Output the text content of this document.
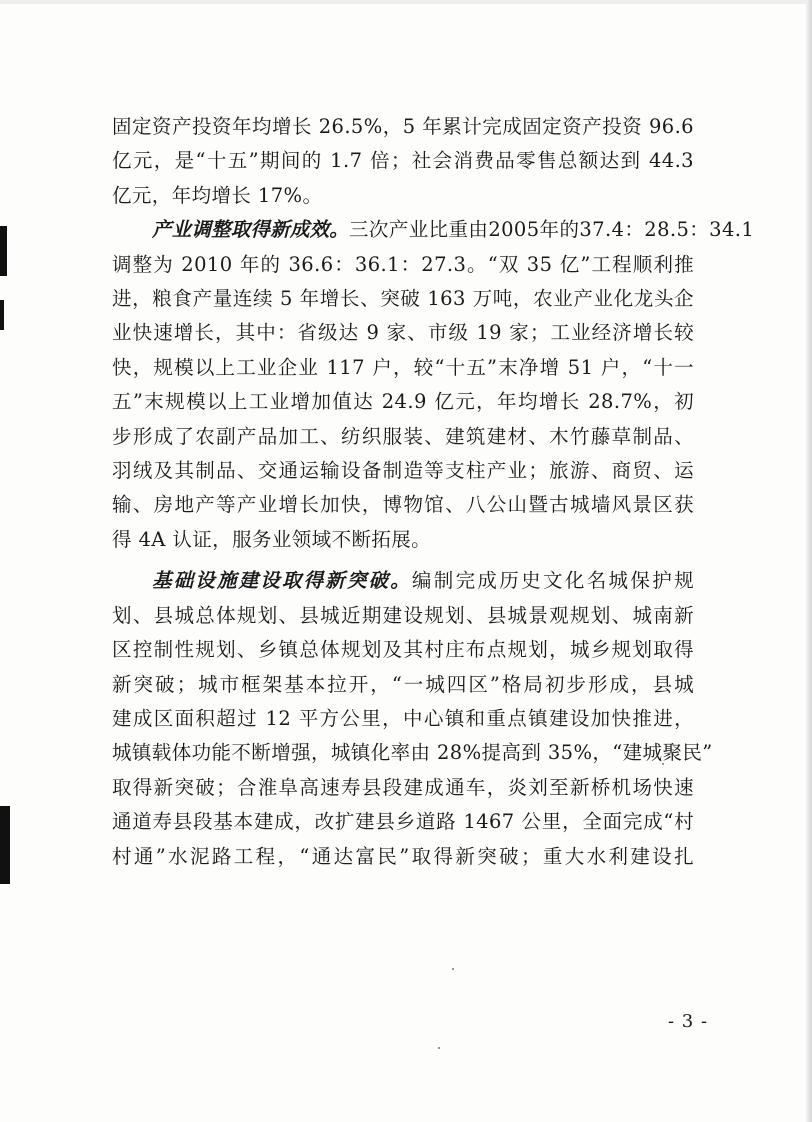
固定资产投资年均增长 26.5%，5 年累计完成固定资产投资 96.6
亿元，是“十五”期间的 1.7 倍；社会消费品零售总额达到 44.3
亿元，年均增长 17%。

产业调整取得新成效。三次产业比重由2005年的37.4：28.5：34.1
调整为 2010 年的 36.6：36.1：27.3。“双 35 亿”工程顺利推
进，粮食产量连续 5 年增长、突破 163 万吨，农业产业化龙头企
业快速增长，其中：省级达 9 家、市级 19 家；工业经济增长较
快，规模以上工业企业 117 户，较“十五”末净增 51 户，“十一
五”末规模以上工业增加值达 24.9 亿元，年均增长 28.7%，初
步形成了农副产品加工、纺织服装、建筑建材、木竹藤草制品、
羽绒及其制品、交通运输设备制造等支柱产业；旅游、商贸、运
输、房地产等产业增长加快，博物馆、八公山暨古城墙风景区获
得 4A 认证，服务业领域不断拓展。

基础设施建设取得新突破。编制完成历史文化名城保护规
划、县城总体规划、县城近期建设规划、县城景观规划、城南新
区控制性规划、乡镇总体规划及其村庄布点规划，城乡规划取得
新突破；城市框架基本拉开，“一城四区”格局初步形成，县城
建成区面积超过 12 平方公里，中心镇和重点镇建设加快推进，
城镇载体功能不断增强，城镇化率由 28%提高到 35%，“建城聚民”
取得新突破；合淮阜高速寿县段建成通车，炎刘至新桥机场快速
通道寿县段基本建成，改扩建县乡道路 1467 公里，全面完成“村
村通”水泥路工程，“通达富民”取得新突破；重大水利建设扎

- 3 -
